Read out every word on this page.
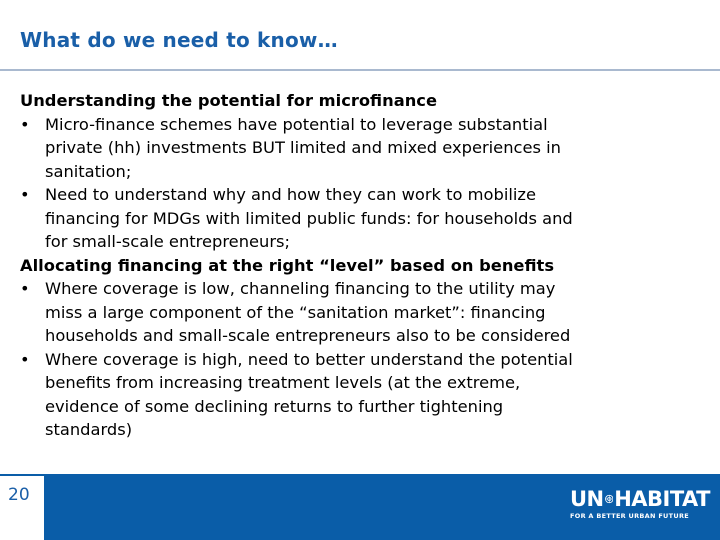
What do we need to know…

Understanding the potential for microfinance

• Micro-finance schemes have potential to leverage substantial
private (hh) investments BUT limited and mixed experiences in
sanitation;
• Need to understand why and how they can work to mobilize
financing for MDGs with limited public funds: for households and
for small-scale entrepreneurs;

Allocating financing at the right “level” based on benefits

• Where coverage is low, channeling financing to the utility may
miss a large component of the “sanitation market”: financing
households and small-scale entrepreneurs also to be considered
• Where coverage is high, need to better understand the potential
benefits from increasing treatment levels (at the extreme,
evidence of some declining returns to further tightening
standards)
20	UN HABITAT
FOR A BETTER URBAN FUTURE
